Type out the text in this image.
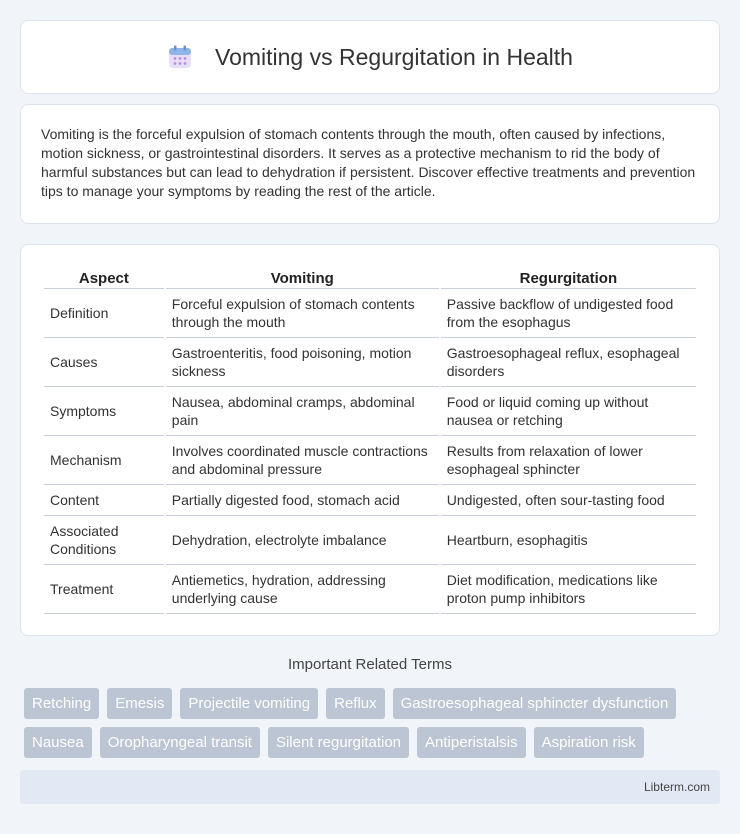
Vomiting vs Regurgitation in Health

Vomiting is the forceful expulsion of stomach contents through the mouth, often caused by infections, motion sickness, or gastrointestinal disorders. It serves as a protective mechanism to rid the body of harmful substances but can lead to dehydration if persistent. Discover effective treatments and prevention tips to manage your symptoms by reading the rest of the article.

Aspect	Vomiting	Regurgitation
Definition	Forceful expulsion of stomach contents through the mouth	Passive backflow of undigested food from the esophagus
Causes	Gastroenteritis, food poisoning, motion sickness	Gastroesophageal reflux, esophageal disorders
Symptoms	Nausea, abdominal cramps, abdominal pain	Food or liquid coming up without nausea or retching
Mechanism	Involves coordinated muscle contractions and abdominal pressure	Results from relaxation of lower esophageal sphincter
Content	Partially digested food, stomach acid	Undigested, often sour-tasting food
Associated Conditions	Dehydration, electrolyte imbalance	Heartburn, esophagitis
Treatment	Antiemetics, hydration, addressing underlying cause	Diet modification, medications like proton pump inhibitors
Important Related Terms
Retching	Emesis	Projectile vomiting	Reflux	Gastroesophageal sphincter dysfunction
Nausea	Oropharyngeal transit	Silent regurgitation	Antiperistalsis	Aspiration risk
Libterm.com
